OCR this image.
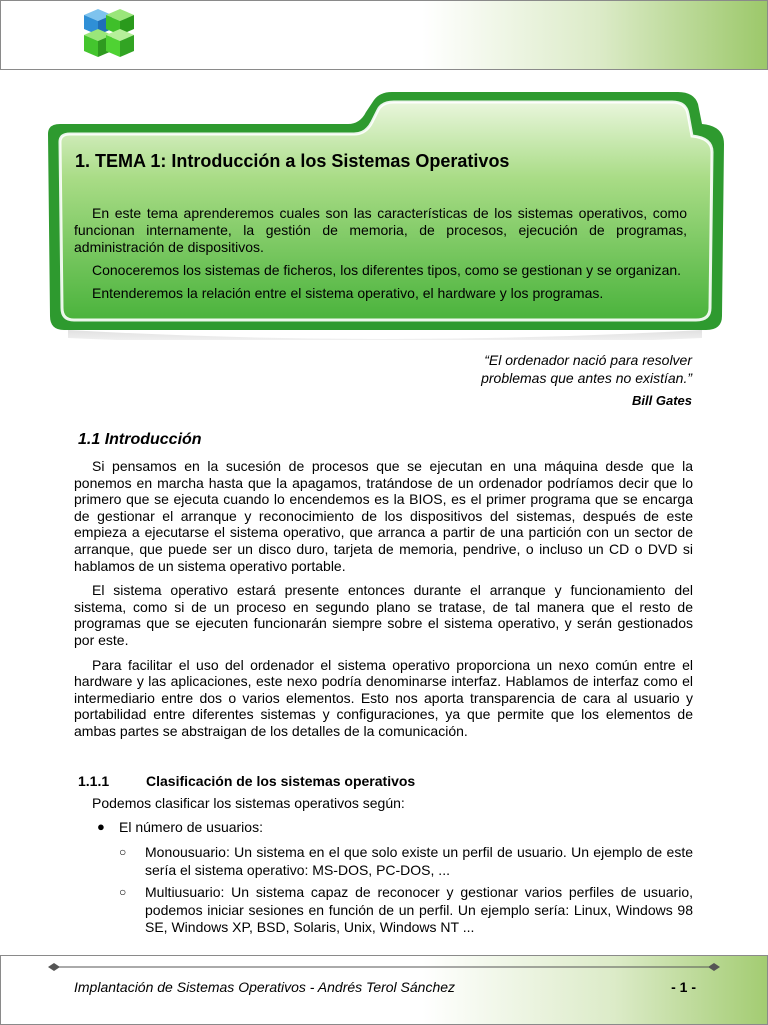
1. TEMA 1: Introducción a los Sistemas Operativos

En este tema aprenderemos cuales son las características de los sistemas operativos, como funcionan internamente, la gestión de memoria, de procesos, ejecución de programas, administración de dispositivos.

Conoceremos los sistemas de ficheros, los diferentes tipos, como se gestionan y se organizan.

Entenderemos la relación entre el sistema operativo, el hardware y los programas.

“El ordenador nació para resolver
problemas que antes no existían.”
Bill Gates
1.1 Introducción

Si pensamos en la sucesión de procesos que se ejecutan en una máquina desde que la ponemos en marcha hasta que la apagamos, tratándose de un ordenador podríamos decir que lo primero que se ejecuta cuando lo encendemos es la BIOS, es el primer programa que se encarga de gestionar el arranque y reconocimiento de los dispositivos del sistemas, después de este empieza a ejecutarse el sistema operativo, que arranca a partir de una partición con un sector de arranque, que puede ser un disco duro, tarjeta de memoria, pendrive, o incluso un CD o DVD si hablamos de un sistema operativo portable.

El sistema operativo estará presente entonces durante el arranque y funcionamiento del sistema, como si de un proceso en segundo plano se tratase, de tal manera que el resto de programas que se ejecuten funcionarán siempre sobre el sistema operativo, y serán gestionados por este.

Para facilitar el uso del ordenador el sistema operativo proporciona un nexo común entre el hardware y las aplicaciones, este nexo podría denominarse interfaz. Hablamos de interfaz como el intermediario entre dos o varios elementos. Esto nos aporta transparencia de cara al usuario y portabilidad entre diferentes sistemas y configuraciones, ya que permite que los elementos de ambas partes se abstraigan de los detalles de la comunicación.

1.1.1	Clasificación de los sistemas operativos
Podemos clasificar los sistemas operativos según:
● El número de usuarios:
○ Monousuario: Un sistema en el que solo existe un perfil de usuario. Un ejemplo de este sería el sistema operativo: MS-DOS, PC-DOS, ...
○ Multiusuario: Un sistema capaz de reconocer y gestionar varios perfiles de usuario, podemos iniciar sesiones en función de un perfil. Un ejemplo sería: Linux, Windows 98 SE, Windows XP, BSD, Solaris, Unix, Windows NT ...
Implantación de Sistemas Operativos - Andrés Terol Sánchez	- 1 -
